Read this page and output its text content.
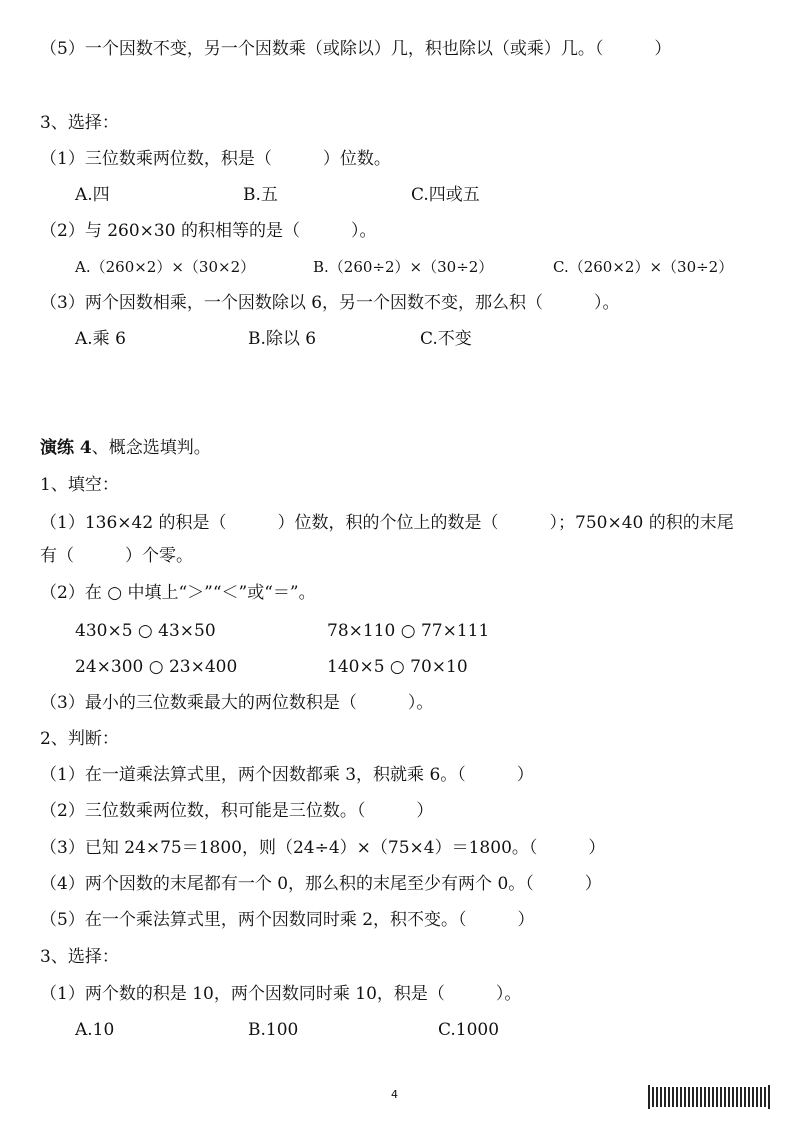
（5）一个因数不变，另一个因数乘（或除以）几，积也除以（或乘）几。（　　　）
3、选择：
（1）三位数乘两位数，积是（　　　）位数。
A.四	B.五	C.四或五
（2）与 260×30 的积相等的是（　　　）。
A.（260×2）×（30×2）	B.（260÷2）×（30÷2）	C.（260×2）×（30÷2）
（3）两个因数相乘，一个因数除以 6，另一个因数不变，那么积（　　　）。
A.乘 6	B.除以 6	C.不变
演练 4、概念选填判。
1、填空：
（1）136×42 的积是（　　　）位数，积的个位上的数是（　　　）；750×40 的积的末尾
有（　　　）个零。
（2）在 ○ 中填上“＞”“＜”或“＝”。
430×5 ○ 43×50	78×110 ○ 77×111
24×300 ○ 23×400	140×5 ○ 70×10
（3）最小的三位数乘最大的两位数积是（　　　）。
2、判断：
（1）在一道乘法算式里，两个因数都乘 3，积就乘 6。（　　　）
（2）三位数乘两位数，积可能是三位数。（　　　）
（3）已知 24×75＝1800，则（24÷4）×（75×4）＝1800。（　　　）
（4）两个因数的末尾都有一个 0，那么积的末尾至少有两个 0。（　　　）
（5）在一个乘法算式里，两个因数同时乘 2，积不变。（　　　）
3、选择：
（1）两个数的积是 10，两个因数同时乘 10，积是（　　　）。
A.10	B.100	C.1000
4
